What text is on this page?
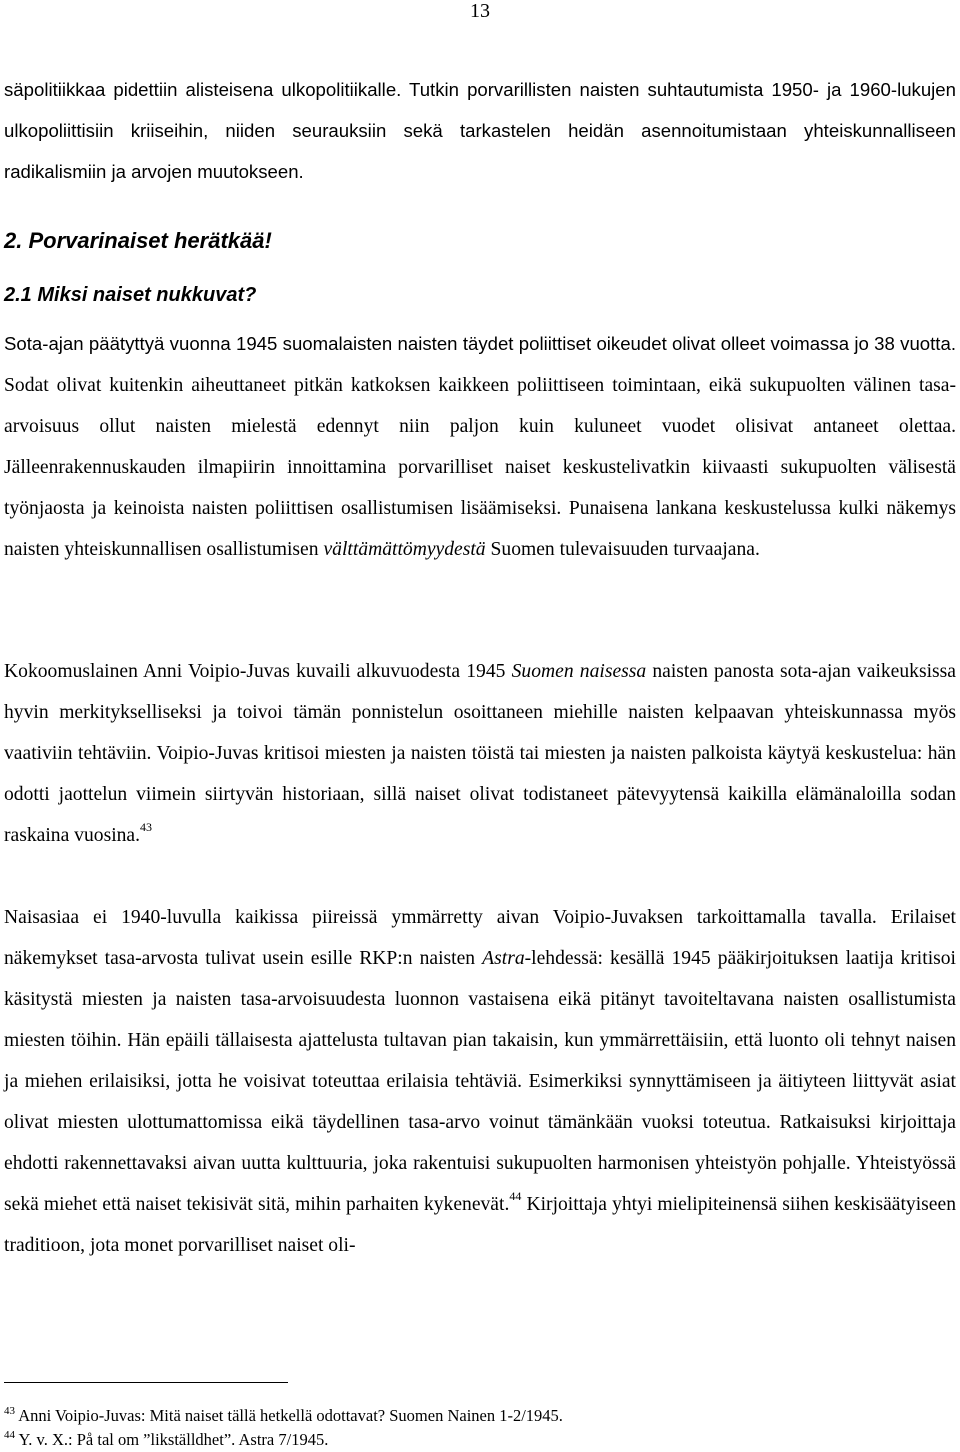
13
säpolitiikkaa pidettiin alisteisena ulkopolitiikalle. Tutkin porvarillisten naisten suhtautumista 1950- ja 1960-lukujen ulkopoliittisiin kriiseihin, niiden seurauksiin sekä tarkastelen heidän asennoitumistaan yhteiskunnalliseen radikalismiin ja arvojen muutokseen.
2. Porvarinaiset herätkää!
2.1 Miksi naiset nukkuvat?
Sota-ajan päätyttyä vuonna 1945 suomalaisten naisten täydet poliittiset oikeudet olivat olleet voimassa jo 38 vuotta. Sodat olivat kuitenkin aiheuttaneet pitkän katkoksen kaikkeen poliittiseen toimintaan, eikä sukupuolten välinen tasa-arvoisuus ollut naisten mielestä edennyt niin paljon kuin kuluneet vuodet olisivat antaneet olettaa. Jälleenrakennuskauden ilmapiirin innoittamina porvarilliset naiset keskustelivatkin kiivaasti sukupuolten välisestä työnjaosta ja keinoista naisten poliittisen osallistumisen lisäämiseksi. Punaisena lankana keskustelussa kulki näkemys naisten yhteiskunnallisen osallistumisen välttämättömyydestä Suomen tulevaisuuden turvaajana.
Kokoomuslainen Anni Voipio-Juvas kuvaili alkuvuodesta 1945 Suomen naisessa naisten panosta sota-ajan vaikeuksissa hyvin merkitykselliseksi ja toivoi tämän ponnistelun osoittaneen miehille naisten kelpaavan yhteiskunnassa myös vaativiin tehtäviin. Voipio-Juvas kritisoi miesten ja naisten töistä tai miesten ja naisten palkoista käytyä keskustelua: hän odotti jaottelun viimein siirtyvän historiaan, sillä naiset olivat todistaneet pätevyytensä kaikilla elämänaloilla sodan raskaina vuosina.$^{43}$
Naisasiaa ei 1940-luvulla kaikissa piireissä ymmärretty aivan Voipio-Juvaksen tarkoittamalla tavalla. Erilaiset näkemykset tasa-arvosta tulivat usein esille RKP:n naisten Astra-lehdessä: kesällä 1945 pääkirjoituksen laatija kritisoi käsitystä miesten ja naisten tasa-arvoisuudesta luonnon vastaisena eikä pitänyt tavoiteltavana naisten osallistumista miesten töihin. Hän epäili tällaisesta ajattelusta tultavan pian takaisin, kun ymmärrettäisiin, että luonto oli tehnyt naisen ja miehen erilaisiksi, jotta he voisivat toteuttaa erilaisia tehtäviä. Esimerkiksi synnyttämiseen ja äitiyteen liittyvät asiat olivat miesten ulottumattomissa eikä täydellinen tasa-arvo voinut tämänkään vuoksi toteutua. Ratkaisuksi kirjoittaja ehdotti rakennettavaksi aivan uutta kulttuuria, joka rakentuisi sukupuolten harmonisen yhteistyön pohjalle. Yhteistyössä sekä miehet että naiset tekisivät sitä, mihin parhaiten kykenevät.$^{44}$ Kirjoittaja yhtyi mielipiteinensä siihen keskisäätyiseen traditioon, jota monet porvarilliset naiset oli-
$^{43}$ Anni Voipio-Juvas: Mitä naiset tällä hetkellä odottavat? Suomen Nainen 1-2/1945.
$^{44}$ Y. v. X.: På tal om ”likställdhet”. Astra 7/1945.
